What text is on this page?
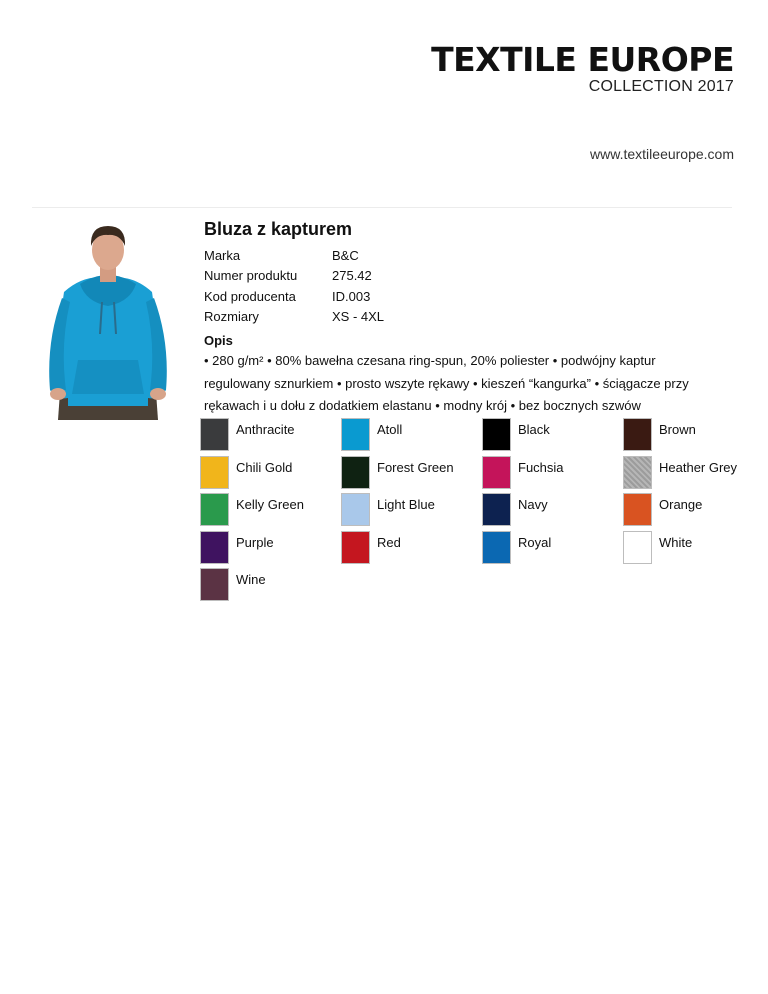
TEXTILE EUROPE
COLLECTION 2017
www.textileeurope.com
Bluza z kapturem
Marka	B&C
Numer produktu	275.42
Kod producenta	ID.003
Rozmiary	XS - 4XL
Opis
• 280 g/m² • 80% bawełna czesana ring-spun, 20% poliester • podwójny kaptur regulowany sznurkiem • prosto wszyte rękawy • kieszeń “kangurka” • ściągacze przy rękawach i u dołu z dodatkiem elastanu • modny krój • bez bocznych szwów
Anthracite	Atoll	Black	Brown
Chili Gold	Forest Green	Fuchsia	Heather Grey
Kelly Green	Light Blue	Navy	Orange
Purple	Red	Royal	White
Wine
